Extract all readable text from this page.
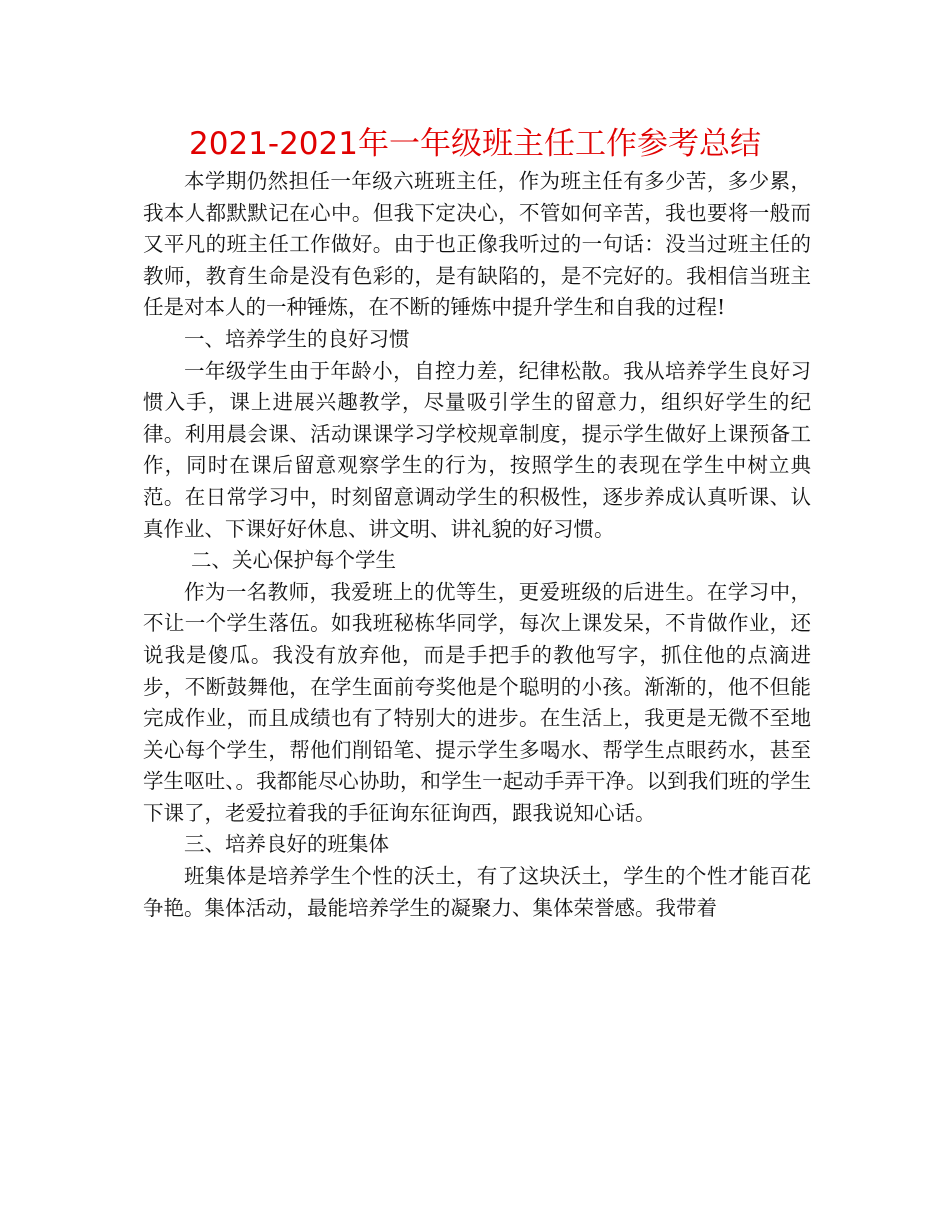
2021-2021年一年级班主任工作参考总结

本学期仍然担任一年级六班班主任，作为班主任有多少苦，多少累，我本人都默默记在心中。但我下定决心，不管如何辛苦，我也要将一般而又平凡的班主任工作做好。由于也正像我听过的一句话：没当过班主任的教师，教育生命是没有色彩的，是有缺陷的，是不完好的。我相信当班主任是对本人的一种锤炼，在不断的锤炼中提升学生和自我的过程!

一、培养学生的良好习惯

一年级学生由于年龄小，自控力差，纪律松散。我从培养学生良好习惯入手，课上进展兴趣教学，尽量吸引学生的留意力，组织好学生的纪律。利用晨会课、活动课课学习学校规章制度，提示学生做好上课预备工作，同时在课后留意观察学生的行为，按照学生的表现在学生中树立典范。在日常学习中，时刻留意调动学生的积极性，逐步养成认真听课、认真作业、下课好好休息、讲文明、讲礼貌的好习惯。

二、关心保护每个学生

作为一名教师，我爱班上的优等生，更爱班级的后进生。在学习中，不让一个学生落伍。如我班秘栋华同学，每次上课发呆，不肯做作业，还说我是傻瓜。我没有放弃他，而是手把手的教他写字，抓住他的点滴进步，不断鼓舞他，在学生面前夸奖他是个聪明的小孩。渐渐的，他不但能完成作业，而且成绩也有了特别大的进步。在生活上，我更是无微不至地关心每个学生，帮他们削铅笔、提示学生多喝水、帮学生点眼药水，甚至学生呕吐、。我都能尽心协助，和学生一起动手弄干净。以到我们班的学生下课了，老爱拉着我的手征询东征询西，跟我说知心话。

三、培养良好的班集体

班集体是培养学生个性的沃土，有了这块沃土，学生的个性才能百花争艳。集体活动，最能培养学生的凝聚力、集体荣誉感。我带着
